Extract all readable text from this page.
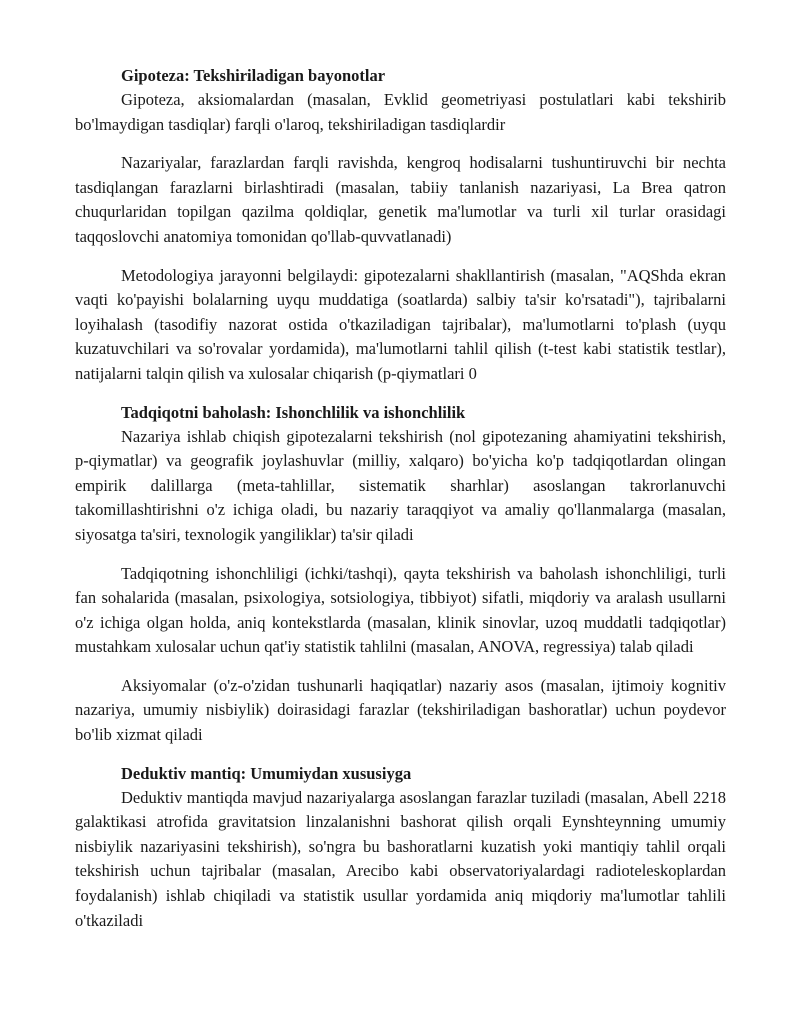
Gipoteza: Tekshiriladigan bayonotlar

Gipoteza, aksiomalardan (masalan, Evklid geometriyasi postulatlari kabi tekshirib bo'lmaydigan tasdiqlar) farqli o'laroq, tekshiriladigan tasdiqlardir

Nazariyalar, farazlardan farqli ravishda, kengroq hodisalarni tushuntiruvchi bir nechta tasdiqlangan farazlarni birlashtiradi (masalan, tabiiy tanlanish nazariyasi, La Brea qatron chuqurlaridan topilgan qazilma qoldiqlar, genetik ma'lumotlar va turli xil turlar orasidagi taqqoslovchi anatomiya tomonidan qo'llab-quvvatlanadi)

Metodologiya jarayonni belgilaydi: gipotezalarni shakllantirish (masalan, "AQShda ekran vaqti ko'payishi bolalarning uyqu muddatiga (soatlarda) salbiy ta'sir ko'rsatadi"), tajribalarni loyihalash (tasodifiy nazorat ostida o'tkaziladigan tajribalar), ma'lumotlarni to'plash (uyqu kuzatuvchilari va so'rovalar yordamida), ma'lumotlarni tahlil qilish (t-test kabi statistik testlar), natijalarni talqin qilish va xulosalar chiqarish (p-qiymatlari 0

Tadqiqotni baholash: Ishonchlilik va ishonchlilik

Nazariya ishlab chiqish gipotezalarni tekshirish (nol gipotezaning ahamiyatini tekshirish, p-qiymatlar) va geografik joylashuvlar (milliy, xalqaro) bo'yicha ko'p tadqiqotlardan olingan empirik dalillarga (meta-tahlillar, sistematik sharhlar) asoslangan takrorlanuvchi takomillashtirishni o'z ichiga oladi, bu nazariy taraqqiyot va amaliy qo'llanmalarga (masalan, siyosatga ta'siri, texnologik yangiliklar) ta'sir qiladi

Tadqiqotning ishonchliligi (ichki/tashqi), qayta tekshirish va baholash ishonchliligi, turli fan sohalarida (masalan, psixologiya, sotsiologiya, tibbiyot) sifatli, miqdoriy va aralash usullarni o'z ichiga olgan holda, aniq kontekstlarda (masalan, klinik sinovlar, uzoq muddatli tadqiqotlar) mustahkam xulosalar uchun qat'iy statistik tahlilni (masalan, ANOVA, regressiya) talab qiladi

Aksiyomalar (o'z-o'zidan tushunarli haqiqatlar) nazariy asos (masalan, ijtimoiy kognitiv nazariya, umumiy nisbiylik) doirasidagi farazlar (tekshiriladigan bashoratlar) uchun poydevor bo'lib xizmat qiladi

Deduktiv mantiq: Umumiydan xususiyga

Deduktiv mantiqda mavjud nazariyalarga asoslangan farazlar tuziladi (masalan, Abell 2218 galaktikasi atrofida gravitatsion linzalanishni bashorat qilish orqali Eynshteynning umumiy nisbiylik nazariyasini tekshirish), so'ngra bu bashoratlarni kuzatish yoki mantiqiy tahlil orqali tekshirish uchun tajribalar (masalan, Arecibo kabi observatoriyalardagi radioteleskoplardan foydalanish) ishlab chiqiladi va statistik usullar yordamida aniq miqdoriy ma'lumotlar tahlili o'tkaziladi
